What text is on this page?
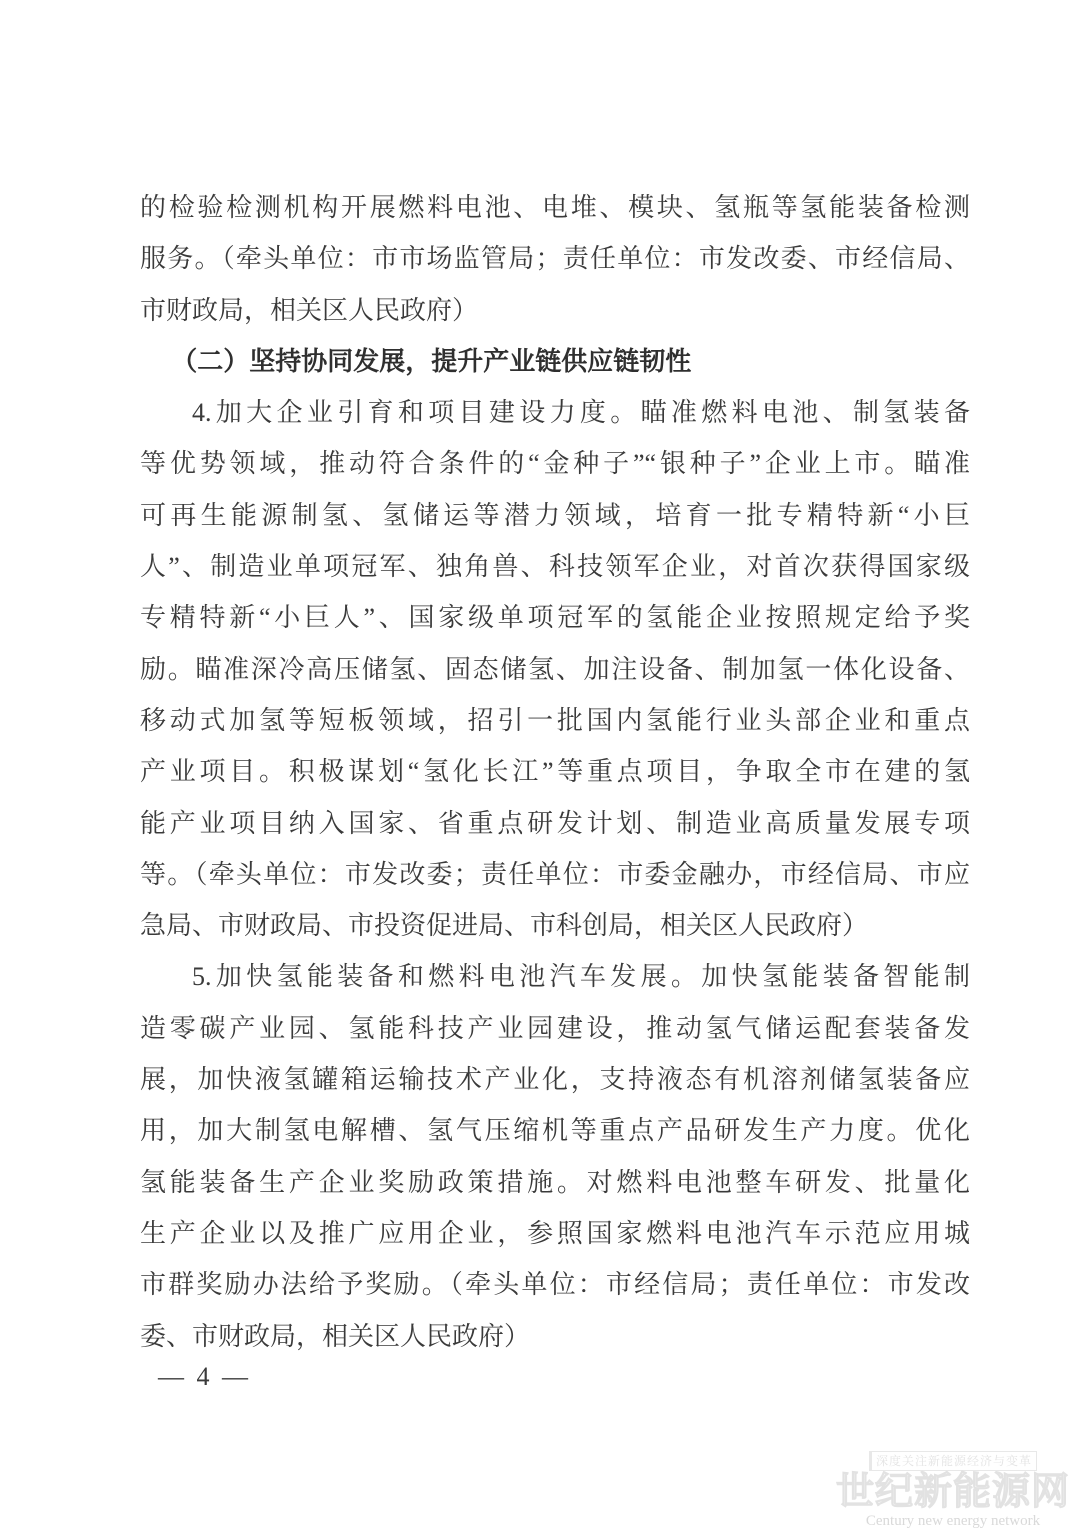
的检验检测机构开展燃料电池、电堆、模块、氢瓶等氢能装备检测
服务。（牵头单位：市市场监管局；责任单位：市发改委、市经信局、
市财政局，相关区人民政府）
（二）坚持协同发展，提升产业链供应链韧性
4.加大企业引育和项目建设力度。瞄准燃料电池、制氢装备
等优势领域，推动符合条件的“金种子”“银种子”企业上市。瞄准
可再生能源制氢、氢储运等潜力领域，培育一批专精特新“小巨
人”、制造业单项冠军、独角兽、科技领军企业，对首次获得国家级
专精特新“小巨人”、国家级单项冠军的氢能企业按照规定给予奖
励。瞄准深冷高压储氢、固态储氢、加注设备、制加氢一体化设备、
移动式加氢等短板领域，招引一批国内氢能行业头部企业和重点
产业项目。积极谋划“氢化长江”等重点项目，争取全市在建的氢
能产业项目纳入国家、省重点研发计划、制造业高质量发展专项
等。（牵头单位：市发改委；责任单位：市委金融办，市经信局、市应
急局、市财政局、市投资促进局、市科创局，相关区人民政府）
5.加快氢能装备和燃料电池汽车发展。加快氢能装备智能制
造零碳产业园、氢能科技产业园建设，推动氢气储运配套装备发
展，加快液氢罐箱运输技术产业化，支持液态有机溶剂储氢装备应
用，加大制氢电解槽、氢气压缩机等重点产品研发生产力度。优化
氢能装备生产企业奖励政策措施。对燃料电池整车研发、批量化
生产企业以及推广应用企业，参照国家燃料电池汽车示范应用城
市群奖励办法给予奖励。（牵头单位：市经信局；责任单位：市发改
委、市财政局，相关区人民政府）
— 4 —
深度关注新能源经济与变革
世纪新能源网
Century new energy network
